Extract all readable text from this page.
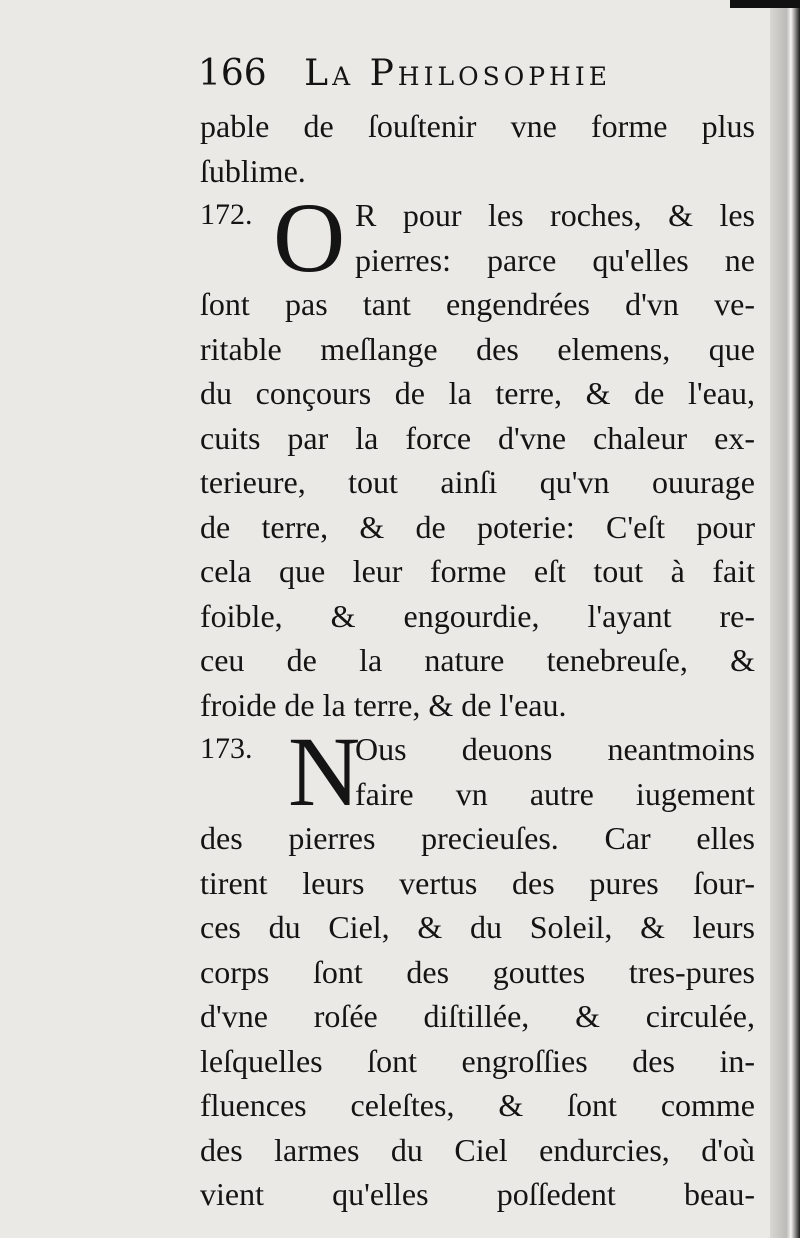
166 La Philosophie
pable de ſouſtenir vne forme plus
ſublime.
172. O R pour les roches, & les
pierres: parce qu'elles ne
ſont pas tant engendrées d'vn ve-
ritable meſlange des elemens, que
du conçours de la terre, & de l'eau,
cuits par la force d'vne chaleur ex-
terieure, tout ainſi qu'vn ouurage
de terre, & de poterie: C'eſt pour
cela que leur forme eſt tout à fait
foible, & engourdie, l'ayant re-
ceu de la nature tenebreuſe, &
froide de la terre, & de l'eau.
173. N
Ous deuons neantmoins
faire vn autre iugement
des pierres precieuſes. Car elles
tirent leurs vertus des pures ſour-
ces du Ciel, & du Soleil, & leurs
corps ſont des gouttes tres-pures
d'vne roſée diſtillée, & circulée,
leſquelles ſont engroſſies des in-
fluences celeſtes, & ſont comme
des larmes du Ciel endurcies, d'où
vient qu'elles poſſedent beau-
